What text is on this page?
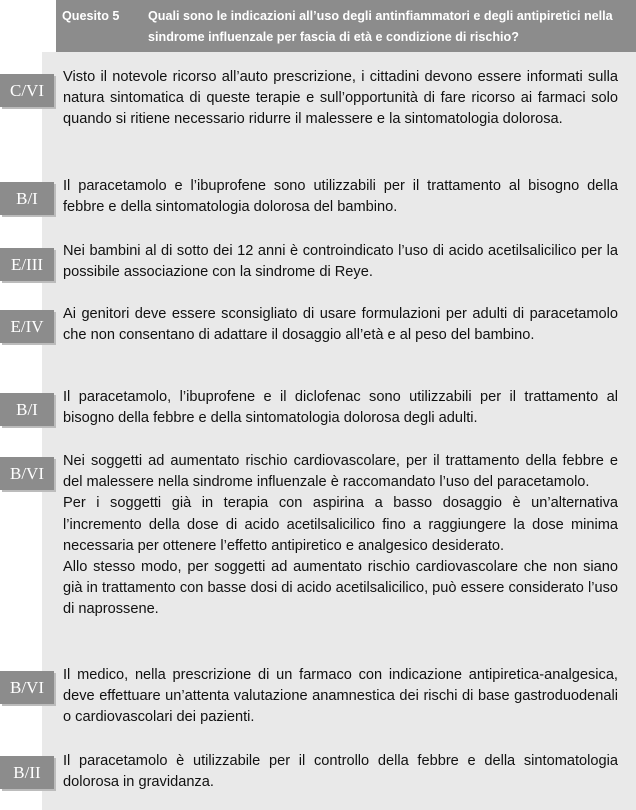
Quesito 5 Quali sono le indicazioni all’uso degli antinfiammatori e degli antipiretici nella sindrome influenzale per fascia di età e condizione di rischio?
C/VI

Visto il notevole ricorso all’auto prescrizione, i cittadini devono essere informati sulla natura sintomatica di queste terapie e sull’opportunità di fare ricorso ai farmaci solo quando si ritiene necessario ridurre il malessere e la sintomatologia dolorosa.

B/I

Il paracetamolo e l’ibuprofene sono utilizzabili per il trattamento al bisogno della febbre e della sintomatologia dolorosa del bambino.

E/III

Nei bambini al di sotto dei 12 anni è controindicato l’uso di acido acetilsalicilico per la possibile associazione con la sindrome di Reye.

E/IV

Ai genitori deve essere sconsigliato di usare formulazioni per adulti di paracetamolo che non consentano di adattare il dosaggio all’età e al peso del bambino.

B/I

Il paracetamolo, l’ibuprofene e il diclofenac sono utilizzabili per il trattamento al bisogno della febbre e della sintomatologia dolorosa degli adulti.

B/VI

Nei soggetti ad aumentato rischio cardiovascolare, per il trattamento della febbre e del malessere nella sindrome influenzale è raccomandato l’uso del paracetamolo.

Per i soggetti già in terapia con aspirina a basso dosaggio è un’alternativa l’incremento della dose di acido acetilsalicilico fino a raggiungere la dose minima necessaria per ottenere l’effetto antipiretico e analgesico desiderato.

Allo stesso modo, per soggetti ad aumentato rischio cardiovascolare che non siano già in trattamento con basse dosi di acido acetilsalicilico, può essere considerato l’uso di naprossene.

B/VI

Il medico, nella prescrizione di un farmaco con indicazione antipiretica-analgesica, deve effettuare un’attenta valutazione anamnestica dei rischi di base gastroduodenali o cardiovascolari dei pazienti.

B/II

Il paracetamolo è utilizzabile per il controllo della febbre e della sintomatologia dolorosa in gravidanza.
